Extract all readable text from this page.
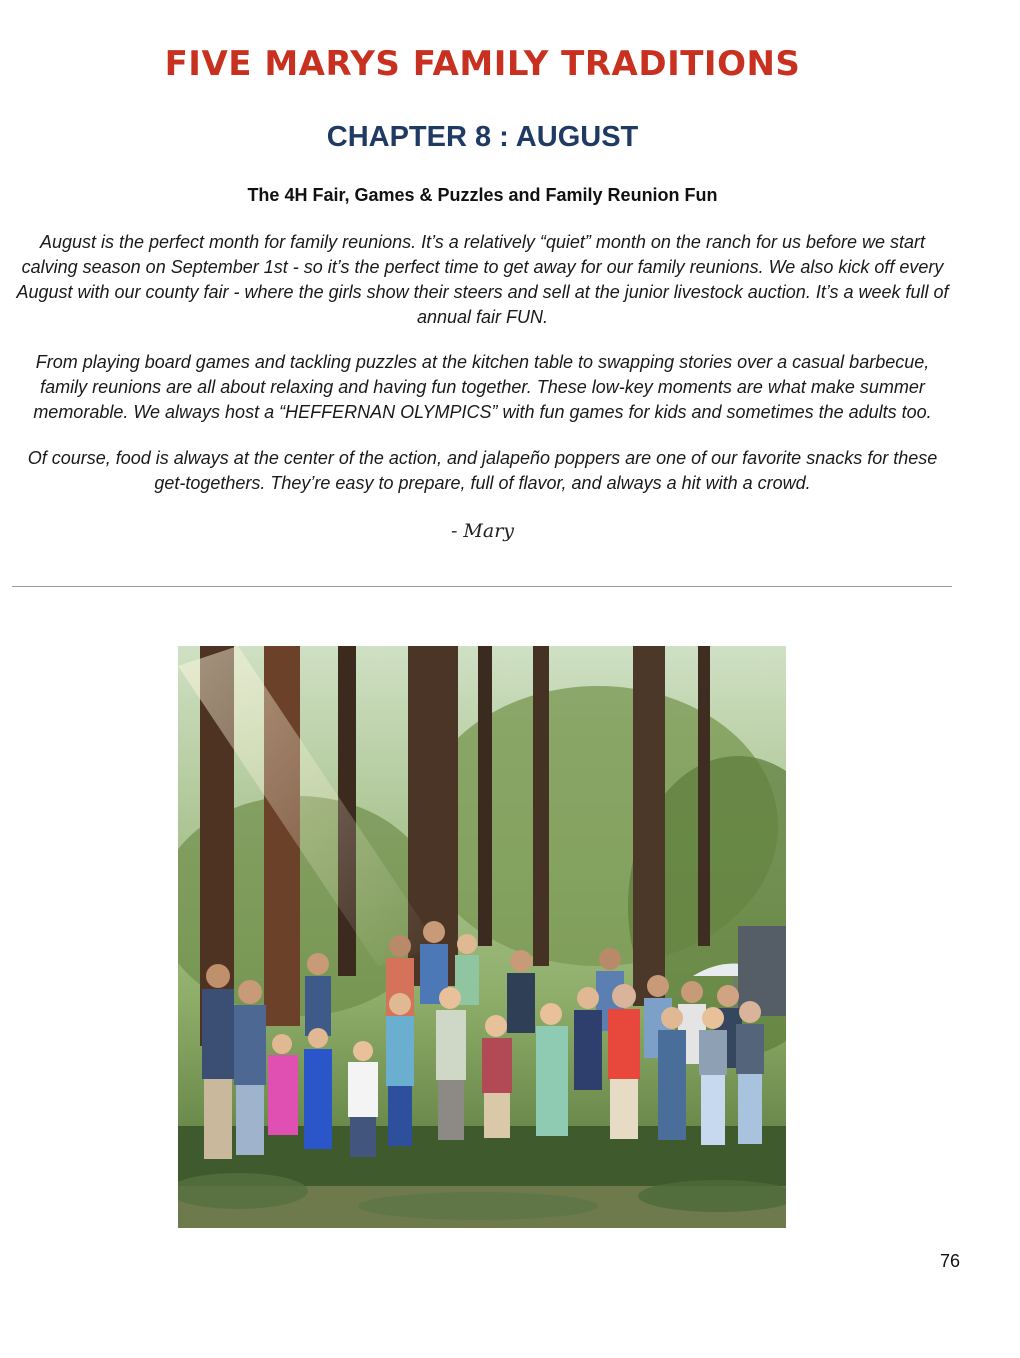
FIVE MARYS FAMILY TRADITIONS
CHAPTER 8 : AUGUST
The 4H Fair, Games & Puzzles and Family Reunion Fun

August is the perfect month for family reunions. It’s a relatively “quiet” month on the ranch for us before we start calving season on September 1st - so it’s the perfect time to get away for our family reunions. We also kick off every August with our county fair - where the girls show their steers and sell at the junior livestock auction. It’s a week full of annual fair FUN.

From playing board games and tackling puzzles at the kitchen table to swapping stories over a casual barbecue, family reunions are all about relaxing and having fun together. These low-key moments are what make summer memorable. We always host a “HEFFERNAN OLYMPICS” with fun games for kids and sometimes the adults too.

Of course, food is always at the center of the action, and jalapeño poppers are one of our favorite snacks for these get-togethers. They’re easy to prepare, full of flavor, and always a hit with a crowd.

- Mary
76
